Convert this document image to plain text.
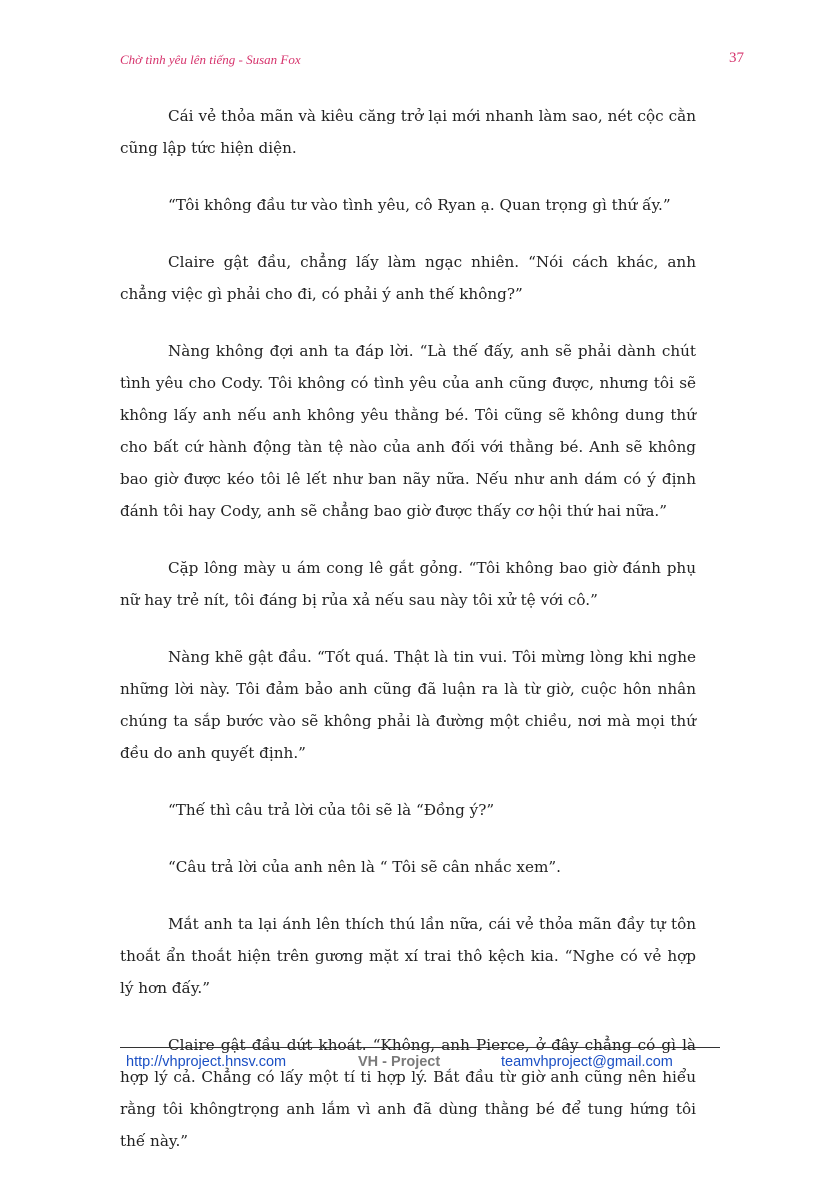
Chờ tình yêu lên tiếng - Susan Fox	37

Cái vẻ thỏa mãn và kiêu căng trở lại mới nhanh làm sao, nét cộc cằn cũng lập tức hiện diện.

“Tôi không đầu tư vào tình yêu, cô Ryan ạ. Quan trọng gì thứ ấy.”

Claire gật đầu, chẳng lấy làm ngạc nhiên. “Nói cách khác, anh chẳng việc gì phải cho đi, có phải ý anh thế không?”

Nàng không đợi anh ta đáp lời. “Là thế đấy, anh sẽ phải dành chút tình yêu cho Cody. Tôi không có tình yêu của anh cũng được, nhưng tôi sẽ không lấy anh nếu anh không yêu thằng bé. Tôi cũng sẽ không dung thứ cho bất cứ hành động tàn tệ nào của anh đối với thằng bé. Anh sẽ không bao giờ được kéo tôi lê lết như ban nãy nữa. Nếu như anh dám có ý định đánh tôi hay Cody, anh sẽ chẳng bao giờ được thấy cơ hội thứ hai nữa.”

Cặp lông mày u ám cong lê gắt gỏng. “Tôi không bao giờ đánh phụ nữ hay trẻ nít, tôi đáng bị rủa xả nếu sau này tôi xử tệ với cô.”

Nàng khẽ gật đầu. “Tốt quá. Thật là tin vui. Tôi mừng lòng khi nghe những lời này. Tôi đảm bảo anh cũng đã luận ra là từ giờ, cuộc hôn nhân chúng ta sắp bước vào sẽ không phải là đường một chiều, nơi mà mọi thứ đều do anh quyết định.”

“Thế thì câu trả lời của tôi sẽ là “Đồng ý?”

“Câu trả lời của anh nên là “ Tôi sẽ cân nhắc xem”.

Mắt anh ta lại ánh lên thích thú lần nữa, cái vẻ thỏa mãn đầy tự tôn thoắt ẩn thoắt hiện trên gương mặt xí trai thô kệch kia. “Nghe có vẻ hợp lý hơn đấy.”

Claire gật đầu dứt khoát. “Không, anh Pierce, ở đây chẳng có gì là hợp lý cả. Chẳng có lấy một tí ti hợp lý. Bắt đầu từ giờ anh cũng nên hiểu rằng tôi khôngtrọng anh lắm vì anh đã dùng thằng bé để tung hứng tôi thế này.”

http://vhproject.hnsv.com	VH - Project	teamvhproject@gmail.com
